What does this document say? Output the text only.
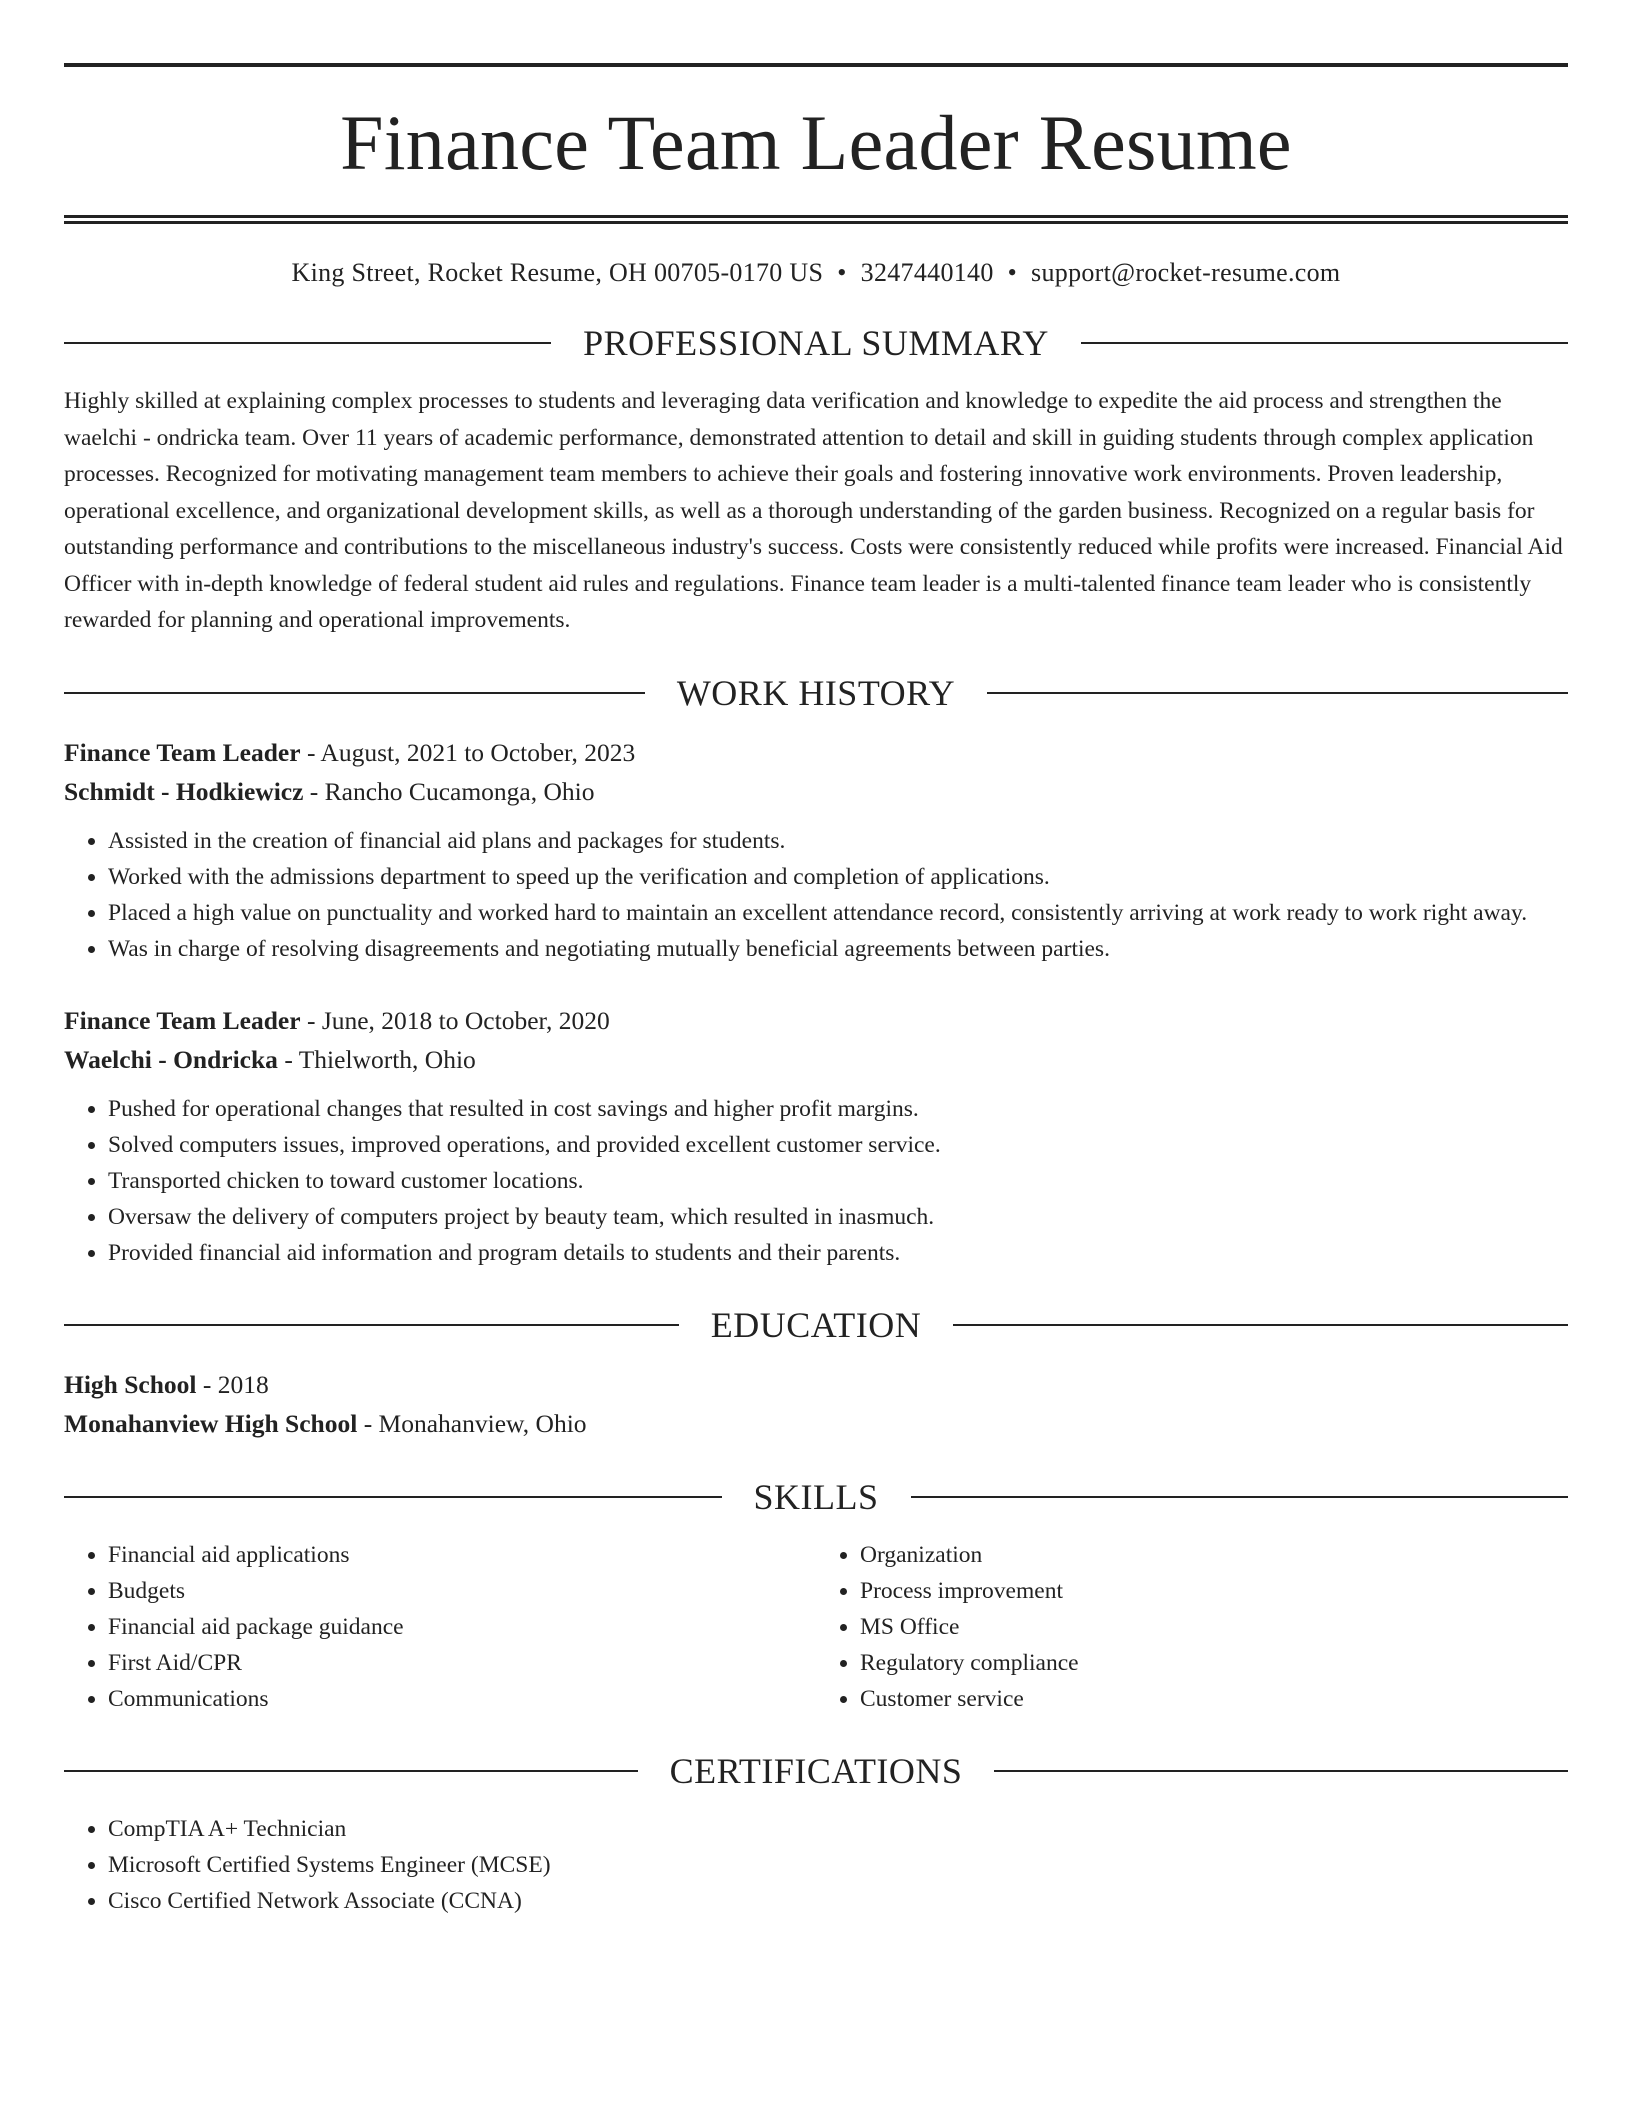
Finance Team Leader Resume
King Street, Rocket Resume, OH 00705-0170 US • 3247440140 • support@rocket-resume.com
PROFESSIONAL SUMMARY

Highly skilled at explaining complex processes to students and leveraging data verification and knowledge to expedite the aid process and strengthen the waelchi - ondricka team. Over 11 years of academic performance, demonstrated attention to detail and skill in guiding students through complex application processes. Recognized for motivating management team members to achieve their goals and fostering innovative work environments. Proven leadership, operational excellence, and organizational development skills, as well as a thorough understanding of the garden business. Recognized on a regular basis for outstanding performance and contributions to the miscellaneous industry's success. Costs were consistently reduced while profits were increased. Financial Aid Officer with in-depth knowledge of federal student aid rules and regulations. Finance team leader is a multi-talented finance team leader who is consistently rewarded for planning and operational improvements.

WORK HISTORY
Finance Team Leader - August, 2021 to October, 2023
Schmidt - Hodkiewicz - Rancho Cucamonga, Ohio
• Assisted in the creation of financial aid plans and packages for students.
• Worked with the admissions department to speed up the verification and completion of applications.
• Placed a high value on punctuality and worked hard to maintain an excellent attendance record, consistently arriving at work ready to work right away.
• Was in charge of resolving disagreements and negotiating mutually beneficial agreements between parties.
Finance Team Leader - June, 2018 to October, 2020
Waelchi - Ondricka - Thielworth, Ohio
• Pushed for operational changes that resulted in cost savings and higher profit margins.
• Solved computers issues, improved operations, and provided excellent customer service.
• Transported chicken to toward customer locations.
• Oversaw the delivery of computers project by beauty team, which resulted in inasmuch.
• Provided financial aid information and program details to students and their parents.
EDUCATION
High School - 2018
Monahanview High School - Monahanview, Ohio
SKILLS
• Financial aid applications
• Budgets
• Financial aid package guidance
• First Aid/CPR
• Communications
• Organization
• Process improvement
• MS Office
• Regulatory compliance
• Customer service
CERTIFICATIONS
• CompTIA A+ Technician
• Microsoft Certified Systems Engineer (MCSE)
• Cisco Certified Network Associate (CCNA)
